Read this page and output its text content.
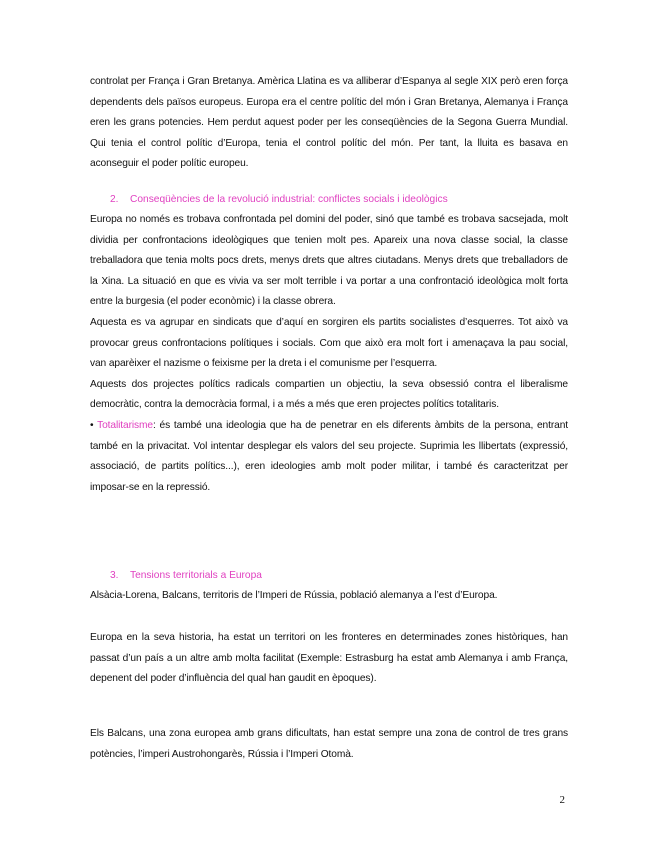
controlat per França i Gran Bretanya. Amèrica Llatina es va alliberar d’Espanya al segle XIX però eren força dependents dels països europeus. Europa era el centre polític del món i Gran Bretanya, Alemanya i França eren les grans potencies. Hem perdut aquest poder per les conseqüències de la Segona Guerra Mundial. Qui tenia el control polític d’Europa, tenia el control polític del món. Per tant, la lluita es basava en aconseguir el poder polític europeu.

2. Conseqüències de la revolució industrial: conflictes socials i ideològics

Europa no només es trobava confrontada pel domini del poder, sinó que també es trobava sacsejada, molt dividia per confrontacions ideològiques que tenien molt pes. Apareix una nova classe social, la classe treballadora que tenia molts pocs drets, menys drets que altres ciutadans. Menys drets que treballadors de la Xina. La situació en que es vivia va ser molt terrible i va portar a una confrontació ideològica molt forta entre la burgesia (el poder econòmic) i la classe obrera.

Aquesta es va agrupar en sindicats que d’aquí en sorgiren els partits socialistes d’esquerres. Tot això va provocar greus confrontacions polítiques i socials. Com que això era molt fort i amenaçava la pau social, van aparèixer el nazisme o feixisme per la dreta i el comunisme per l’esquerra.

Aquests dos projectes polítics radicals compartien un objectiu, la seva obsessió contra el liberalisme democràtic, contra la democràcia formal, i a més a més que eren projectes polítics totalitaris.

• Totalitarisme: és també una ideologia que ha de penetrar en els diferents àmbits de la persona, entrant també en la privacitat. Vol intentar desplegar els valors del seu projecte. Suprimia les llibertats (expressió, associació, de partits polítics...), eren ideologies amb molt poder militar, i també és caracteritzat per imposar-se en la repressió.

3. Tensions territorials a Europa

Alsàcia-Lorena, Balcans, territoris de l’Imperi de Rússia, població alemanya a l’est d’Europa.

Europa en la seva historia, ha estat un territori on les fronteres en determinades zones històriques, han passat d’un país a un altre amb molta facilitat (Exemple: Estrasburg ha estat amb Alemanya i amb França, depenent del poder d’influència del qual han gaudit en èpoques).

Els Balcans, una zona europea amb grans dificultats, han estat sempre una zona de control de tres grans potències, l’imperi Austrohongarès, Rússia i l’Imperi Otomà.

2
